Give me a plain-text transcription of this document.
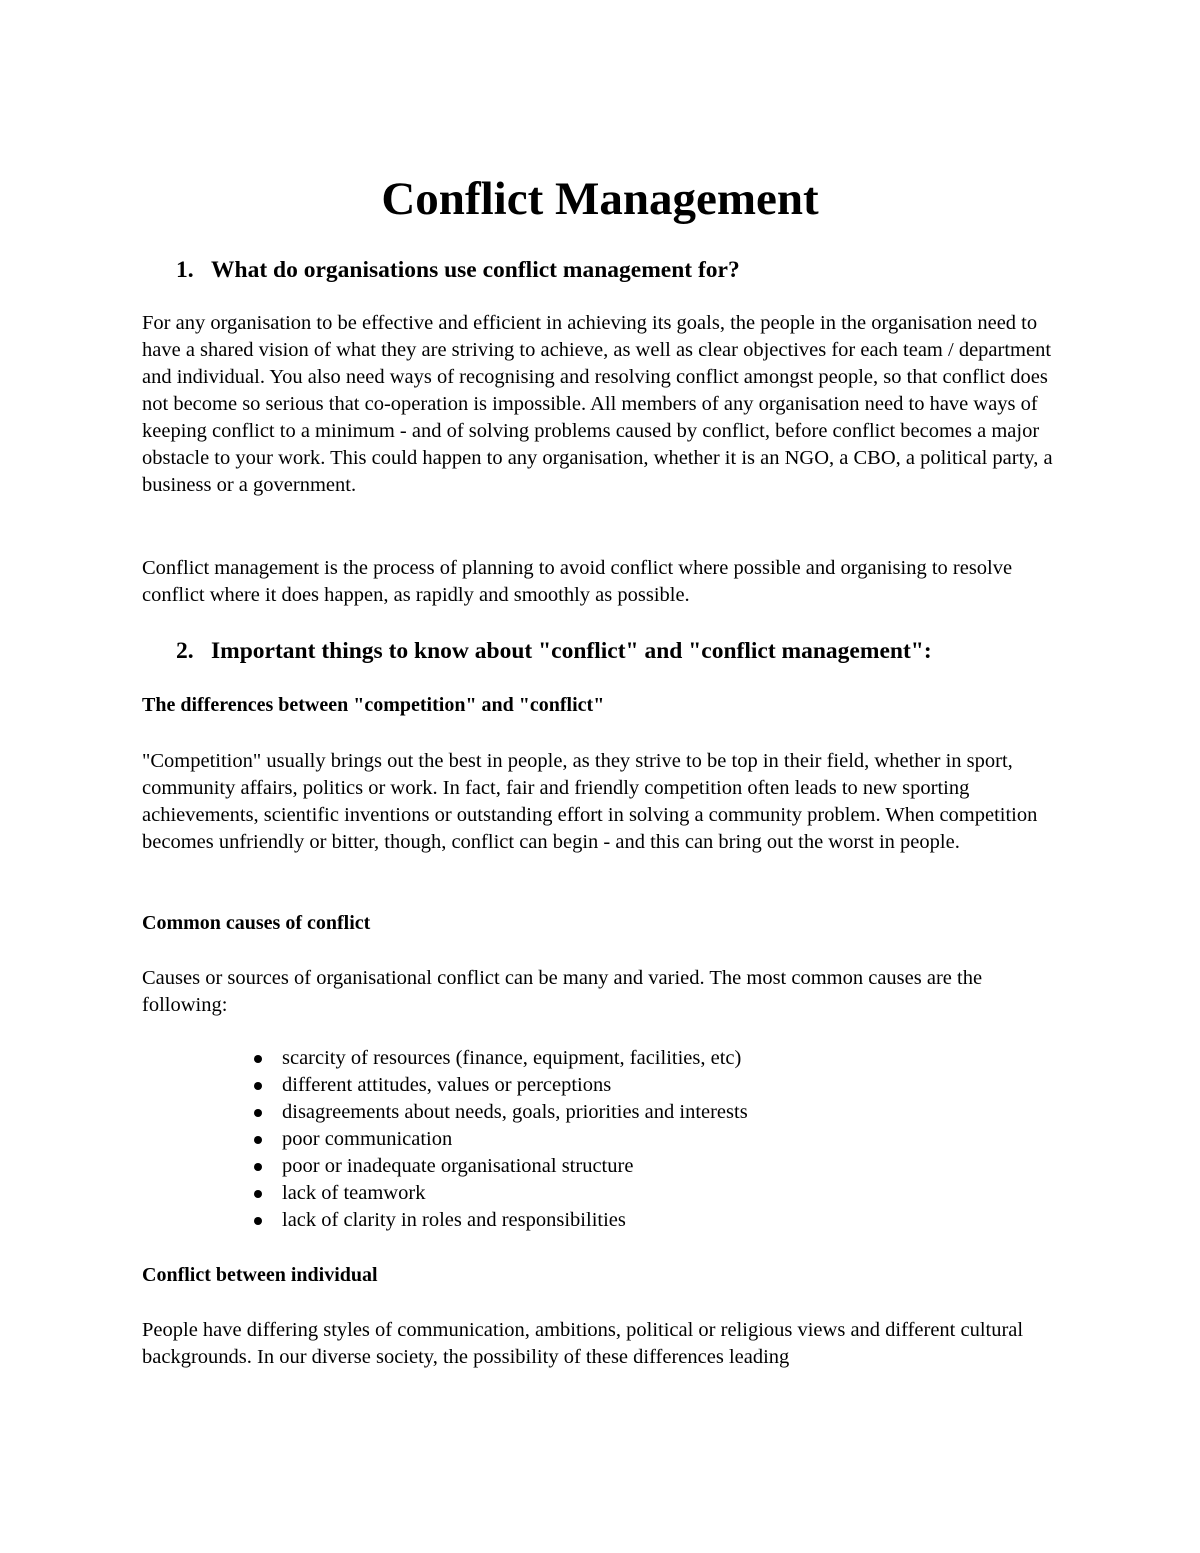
Conflict Management
1. What do organisations use conflict management for?

For any organisation to be effective and efficient in achieving its goals, the people in the organisation need to have a shared vision of what they are striving to achieve, as well as clear objectives for each team / department and individual. You also need ways of recognising and resolving conflict amongst people, so that conflict does not become so serious that co-operation is impossible. All members of any organisation need to have ways of keeping conflict to a minimum - and of solving problems caused by conflict, before conflict becomes a major obstacle to your work. This could happen to any organisation, whether it is an NGO, a CBO, a political party, a business or a government.

Conflict management is the process of planning to avoid conflict where possible and organising to resolve conflict where it does happen, as rapidly and smoothly as possible.

2. Important things to know about "conflict" and "conflict management":
The differences between "competition" and "conflict"

"Competition" usually brings out the best in people, as they strive to be top in their field, whether in sport, community affairs, politics or work. In fact, fair and friendly competition often leads to new sporting achievements, scientific inventions or outstanding effort in solving a community problem. When competition becomes unfriendly or bitter, though, conflict can begin - and this can bring out the worst in people.

Common causes of conflict

Causes or sources of organisational conflict can be many and varied. The most common causes are the following:

scarcity of resources (finance, equipment, facilities, etc)
different attitudes, values or perceptions
disagreements about needs, goals, priorities and interests
poor communication
poor or inadequate organisational structure
lack of teamwork
lack of clarity in roles and responsibilities
Conflict between individual

People have differing styles of communication, ambitions, political or religious views and different cultural backgrounds. In our diverse society, the possibility of these differences leading
